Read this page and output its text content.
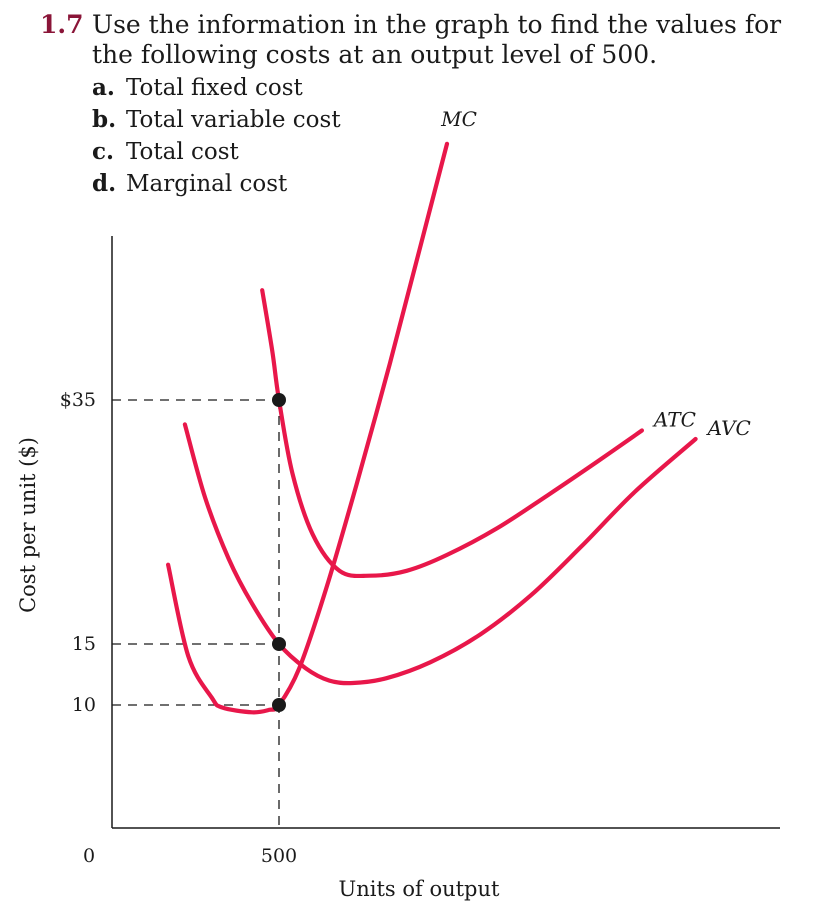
1.7 Use the information in the graph to find the values for the following costs at an output level of 500.
a. Total fixed cost
b. Total variable cost
c. Total cost
d. Marginal cost
$35
15
10
0	500
MC
ATC AVC
Units of output
Cost per unit ($)
